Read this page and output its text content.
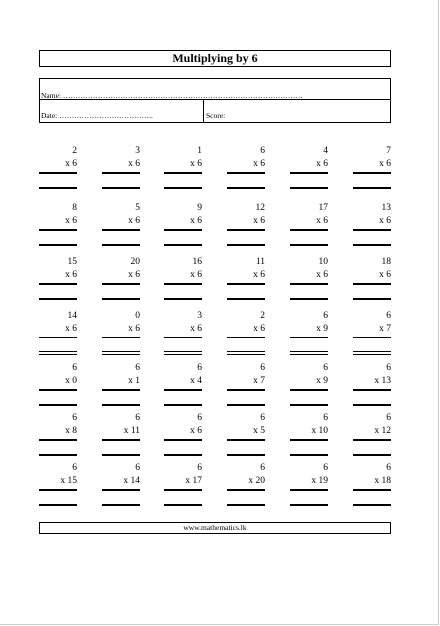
Multiplying by 6
Name: ……………………………………………………………………………………
Date: ………………………………..	Score:
2
x 6
3
x 6
1
x 6
6
x 6
4
x 6
7
x 6
8
x 6
5
x 6
9
x 6
12
x 6
17
x 6
13
x 6
15
x 6
20
x 6
16
x 6
11
x 6
10
x 6
18
x 6
14
x 6
0
x 6
3
x 6
2
x 6
6
x 9
6
x 7
6
x 0
6
x 1
6
x 4
6
x 7
6
x 9
6
x 13
6
x 8
6
x 11
6
x 6
6
x 5
6
x 10
6
x 12
6
x 15
6
x 14
6
x 17
6
x 20
6
x 19
6
x 18
www.mathematics.lk
